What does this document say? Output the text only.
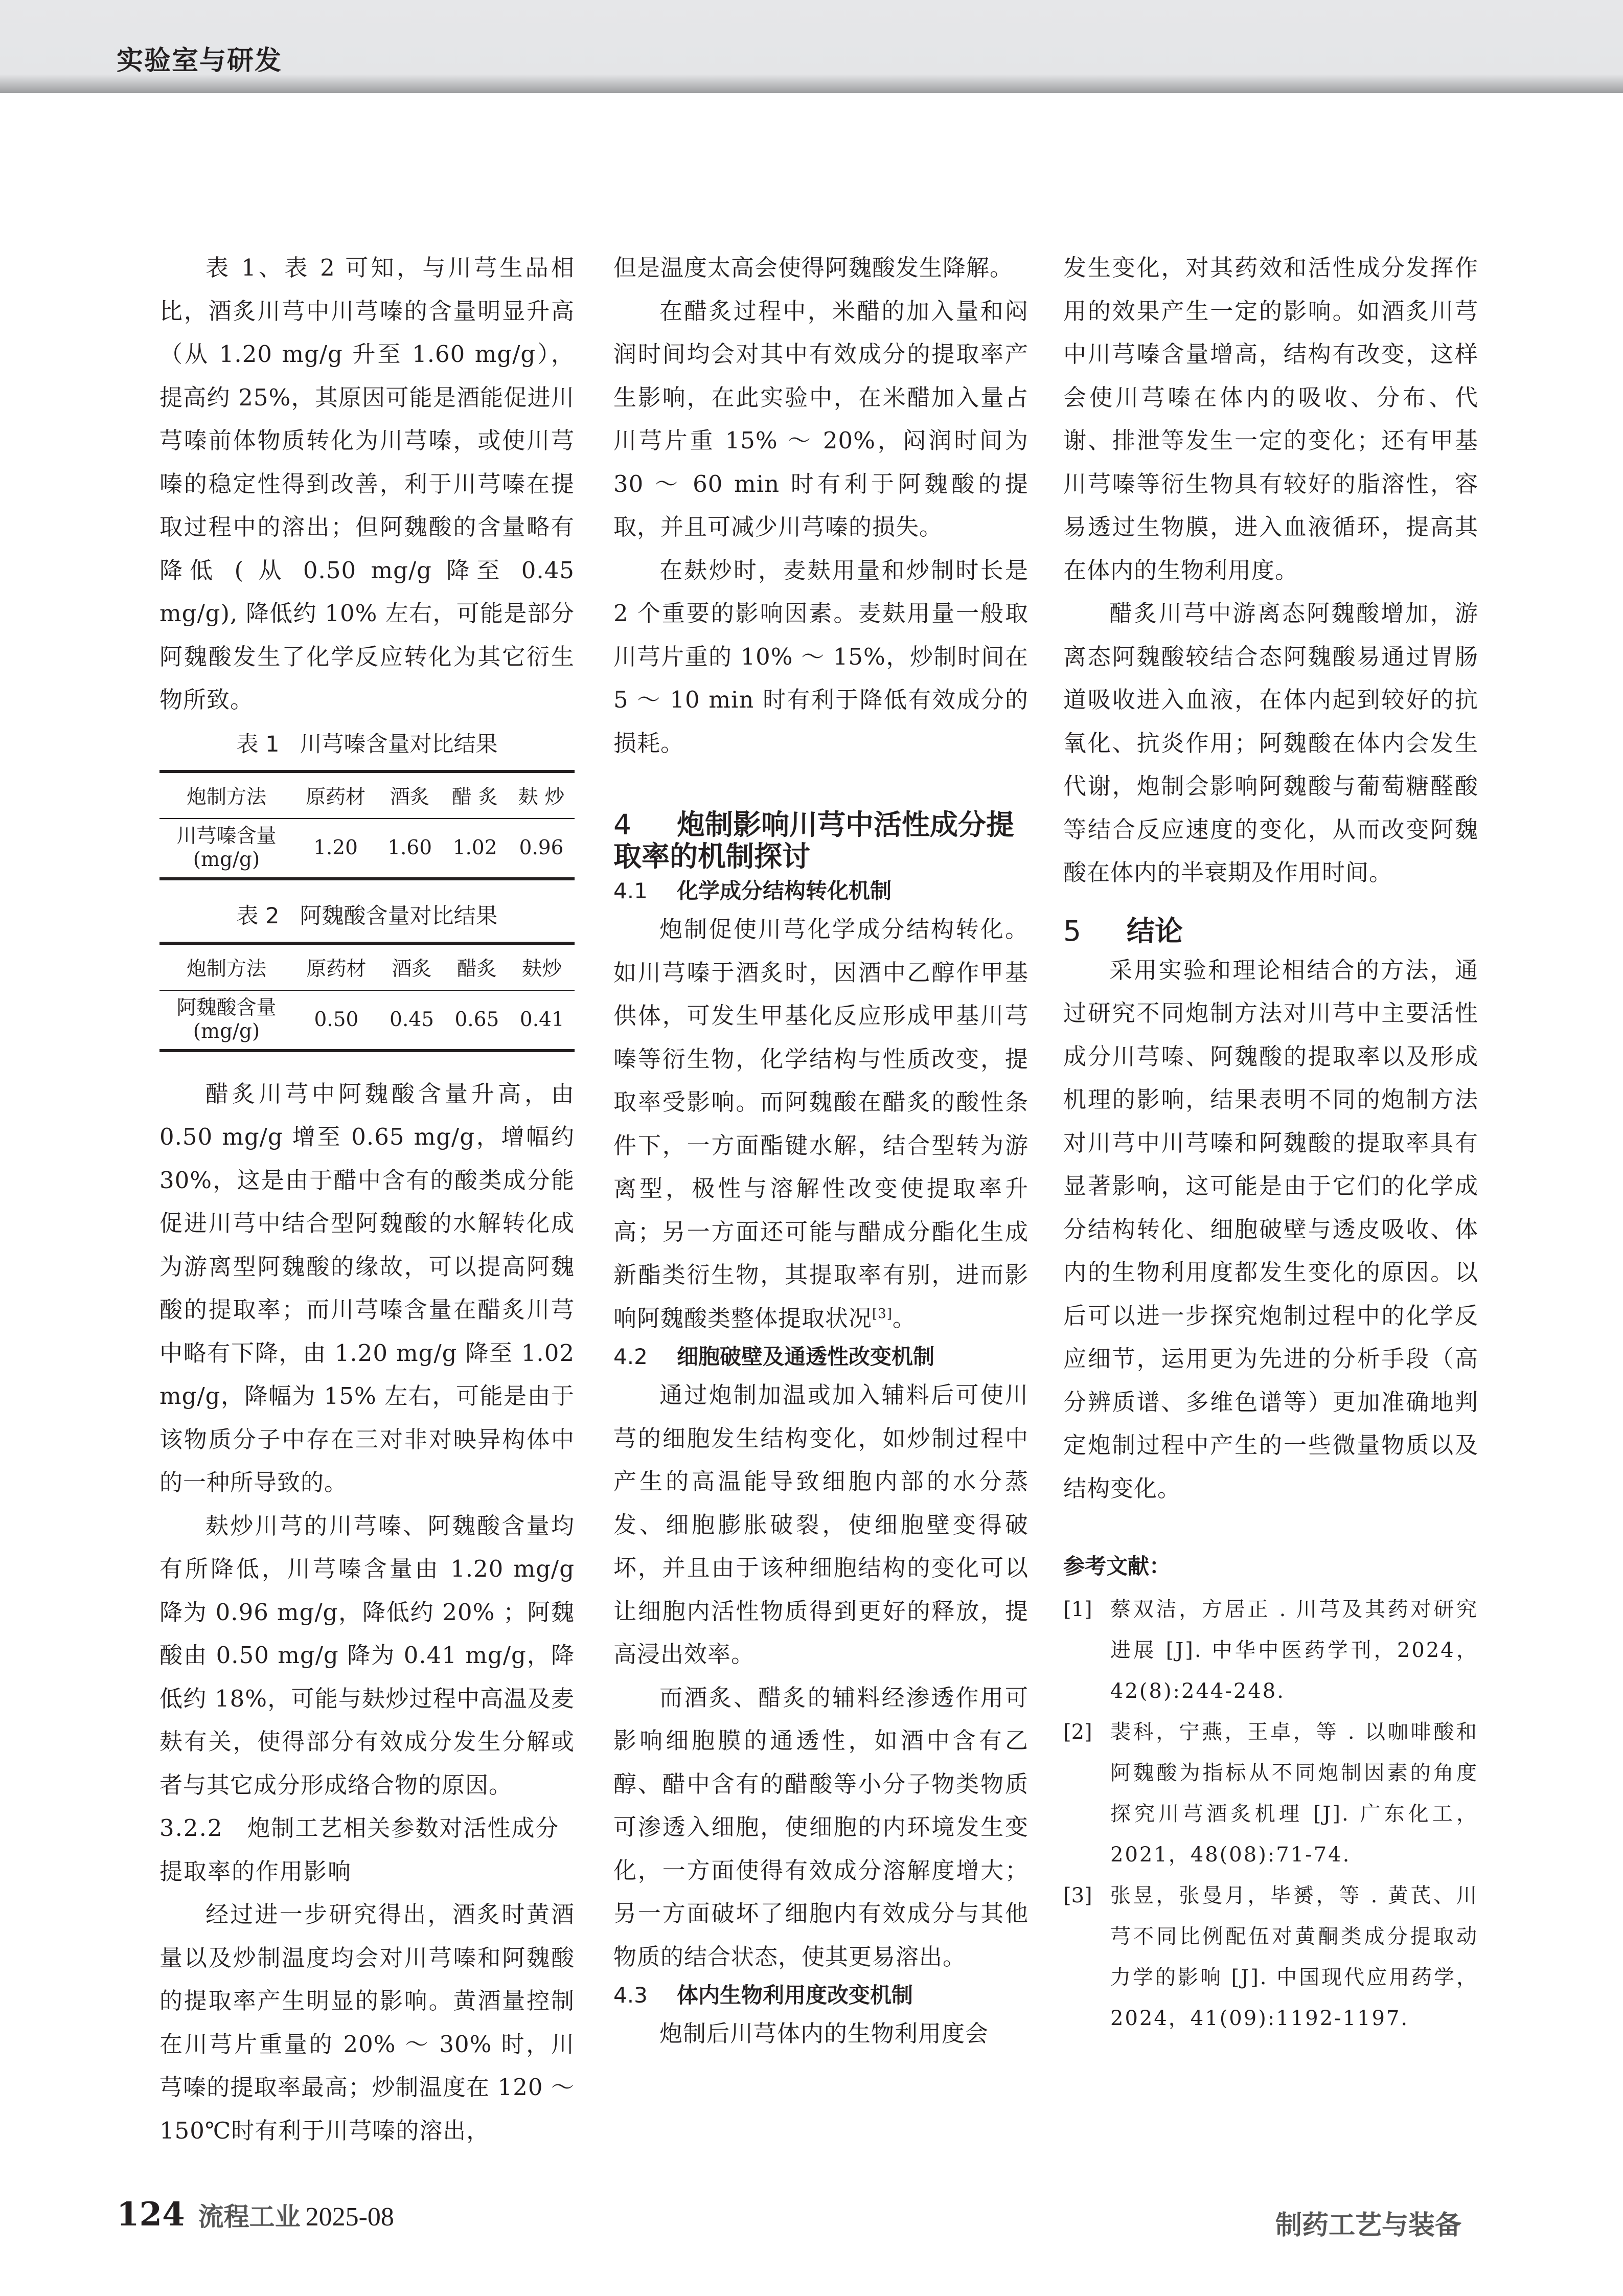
实验室与研发

表 1、表 2 可知，与川芎生品相比，酒炙川芎中川芎嗪的含量明显升高（从 1.20 mg/g 升至 1.60 mg/g），提高约 25%，其原因可能是酒能促进川芎嗪前体物质转化为川芎嗪，或使川芎嗪的稳定性得到改善，利于川芎嗪在提取过程中的溶出；但阿魏酸的含量略有降低 ( 从 0.50 mg/g 降至 0.45 mg/g), 降低约 10% 左右，可能是部分阿魏酸发生了化学反应转化为其它衍生物所致。

表 1 川芎嗪含量对比结果
炮制方法	原药材	酒炙	醋 炙	麸 炒

川芎嗪含量
(mg/g)	1.20	1.60	1.02	0.96
表 2 阿魏酸含量对比结果
炮制方法	原药材	酒炙	醋炙	麸炒

阿魏酸含量
(mg/g)	0.50	0.45	0.65	0.41

醋炙川芎中阿魏酸含量升高，由 0.50 mg/g 增至 0.65 mg/g，增幅约 30%，这是由于醋中含有的酸类成分能促进川芎中结合型阿魏酸的水解转化成为游离型阿魏酸的缘故，可以提高阿魏酸的提取率；而川芎嗪含量在醋炙川芎中略有下降，由 1.20 mg/g 降至 1.02 mg/g，降幅为 15% 左右，可能是由于该物质分子中存在三对非对映异构体中的一种所导致的。

麸炒川芎的川芎嗪、阿魏酸含量均有所降低，川芎嗪含量由 1.20 mg/g 降为 0.96 mg/g，降低约 20% ；阿魏酸由 0.50 mg/g 降为 0.41 mg/g，降低约 18%，可能与麸炒过程中高温及麦麸有关，使得部分有效成分发生分解或者与其它成分形成络合物的原因。

3.2.2　炮制工艺相关参数对活性成分提取率的作用影响

经过进一步研究得出，酒炙时黄酒量以及炒制温度均会对川芎嗪和阿魏酸的提取率产生明显的影响。黄酒量控制在川芎片重量的 20% ～ 30% 时，川芎嗪的提取率最高；炒制温度在 120 ～ 150℃时有利于川芎嗪的溶出，

但是温度太高会使得阿魏酸发生降解。

在醋炙过程中，米醋的加入量和闷润时间均会对其中有效成分的提取率产生影响，在此实验中，在米醋加入量占川芎片重 15% ～ 20%，闷润时间为 30 ～ 60 min 时有利于阿魏酸的提取，并且可减少川芎嗪的损失。

在麸炒时，麦麸用量和炒制时长是 2 个重要的影响因素。麦麸用量一般取川芎片重的 10% ～ 15%，炒制时间在 5 ～ 10 min 时有利于降低有效成分的损耗。

4 炮制影响川芎中活性成分提取率的机制探讨
4.1 化学成分结构转化机制

炮制促使川芎化学成分结构转化。如川芎嗪于酒炙时，因酒中乙醇作甲基供体，可发生甲基化反应形成甲基川芎嗪等衍生物，化学结构与性质改变，提取率受影响。而阿魏酸在醋炙的酸性条件下，一方面酯键水解，结合型转为游离型，极性与溶解性改变使提取率升高；另一方面还可能与醋成分酯化生成新酯类衍生物，其提取率有别，进而影响阿魏酸类整体提取状况[3]。

4.2 细胞破壁及通透性改变机制

通过炮制加温或加入辅料后可使川芎的细胞发生结构变化，如炒制过程中产生的高温能导致细胞内部的水分蒸发、细胞膨胀破裂，使细胞壁变得破坏，并且由于该种细胞结构的变化可以让细胞内活性物质得到更好的释放，提高浸出效率。

而酒炙、醋炙的辅料经渗透作用可影响细胞膜的通透性，如酒中含有乙醇、醋中含有的醋酸等小分子物类物质可渗透入细胞，使细胞的内环境发生变化，一方面使得有效成分溶解度增大；另一方面破坏了细胞内有效成分与其他物质的结合状态，使其更易溶出。

4.3 体内生物利用度改变机制

炮制后川芎体内的生物利用度会

发生变化，对其药效和活性成分发挥作用的效果产生一定的影响。如酒炙川芎中川芎嗪含量增高，结构有改变，这样会使川芎嗪在体内的吸收、分布、代谢、排泄等发生一定的变化；还有甲基川芎嗪等衍生物具有较好的脂溶性，容易透过生物膜，进入血液循环，提高其在体内的生物利用度。

醋炙川芎中游离态阿魏酸增加，游离态阿魏酸较结合态阿魏酸易通过胃肠道吸收进入血液，在体内起到较好的抗氧化、抗炎作用；阿魏酸在体内会发生代谢，炮制会影响阿魏酸与葡萄糖醛酸等结合反应速度的变化，从而改变阿魏酸在体内的半衰期及作用时间。

5 结论

采用实验和理论相结合的方法，通过研究不同炮制方法对川芎中主要活性成分川芎嗪、阿魏酸的提取率以及形成机理的影响，结果表明不同的炮制方法对川芎中川芎嗪和阿魏酸的提取率具有显著影响，这可能是由于它们的化学成分结构转化、细胞破壁与透皮吸收、体内的生物利用度都发生变化的原因。以后可以进一步探究炮制过程中的化学反应细节，运用更为先进的分析手段（高分辨质谱、多维色谱等）更加准确地判定炮制过程中产生的一些微量物质以及结构变化。

参考文献：
[1] 蔡双洁，方居正 . 川芎及其药对研究进展 [J]. 中华中医药学刊，2024，42(8):244-248.
[2] 裴科，宁燕，王卓，等 . 以咖啡酸和阿魏酸为指标从不同炮制因素的角度探究川芎酒炙机理 [J]. 广东化工，2021，48(08):71-74.
[3] 张昱，张曼月，毕赟，等 . 黄芪、川芎不同比例配伍对黄酮类成分提取动力学的影响 [J]. 中国现代应用药学，2024，41(09):1192-1197.
124 流程工业 2025-08	制药工艺与装备
